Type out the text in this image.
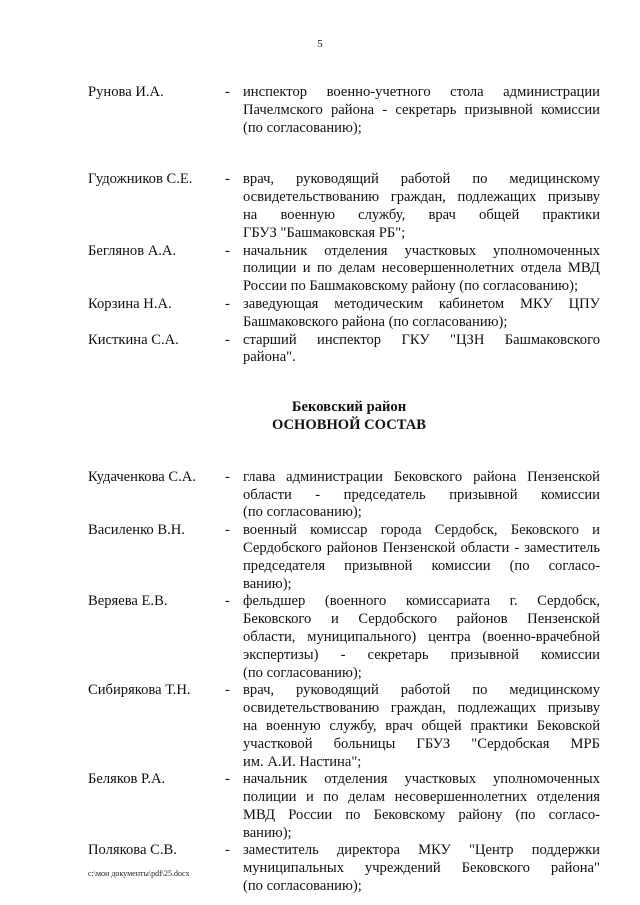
5
Рунова И.А.	- инспектор военно-учетного стола администрации
Пачелмского района - секретарь призывной комиссии
(по согласованию);
Гудожников С.Е.	- врач, руководящий работой по медицинскому
освидетельствованию граждан, подлежащих призыву
на военную службу, врач общей практики
ГБУЗ "Башмаковская РБ";
Беглянов А.А.	- начальник отделения участковых уполномоченных
полиции и по делам несовершеннолетних отдела МВД
России по Башмаковскому району (по согласованию);
Корзина Н.А.	- заведующая методическим кабинетом МКУ ЦПУ
Башмаковского района (по согласованию);
Кисткина С.А.	- старший инспектор ГКУ "ЦЗН Башмаковского
района".
Бековский район
ОСНОВНОЙ СОСТАВ
Кудаченкова С.А.	- глава администрации Бековского района Пензенской
области - председатель призывной комиссии
(по согласованию);
Василенко В.Н.	- военный комиссар города Сердобск, Бековского и
Сердобского районов Пензенской области - заместитель
председателя призывной комиссии (по согласо-
ванию);
Веряева Е.В.	- фельдшер (военного комиссариата г. Сердобск,
Бековского и Сердобского районов Пензенской
области, муниципального) центра (военно-врачебной
экспертизы) - секретарь призывной комиссии
(по согласованию);
Сибирякова Т.Н.	- врач, руководящий работой по медицинскому
освидетельствованию граждан, подлежащих призыву
на военную службу, врач общей практики Бековской
участковой больницы ГБУЗ "Сердобская МРБ
им. А.И. Настина";
Беляков Р.А.	- начальник отделения участковых уполномоченных
полиции и по делам несовершеннолетних отделения
МВД России по Бековскому району (по согласо-
ванию);
Полякова С.В.	- заместитель директора МКУ "Центр поддержки
муниципальных учреждений Бековского района"
(по согласованию);
c:\мои документы\pdf\25.docx
